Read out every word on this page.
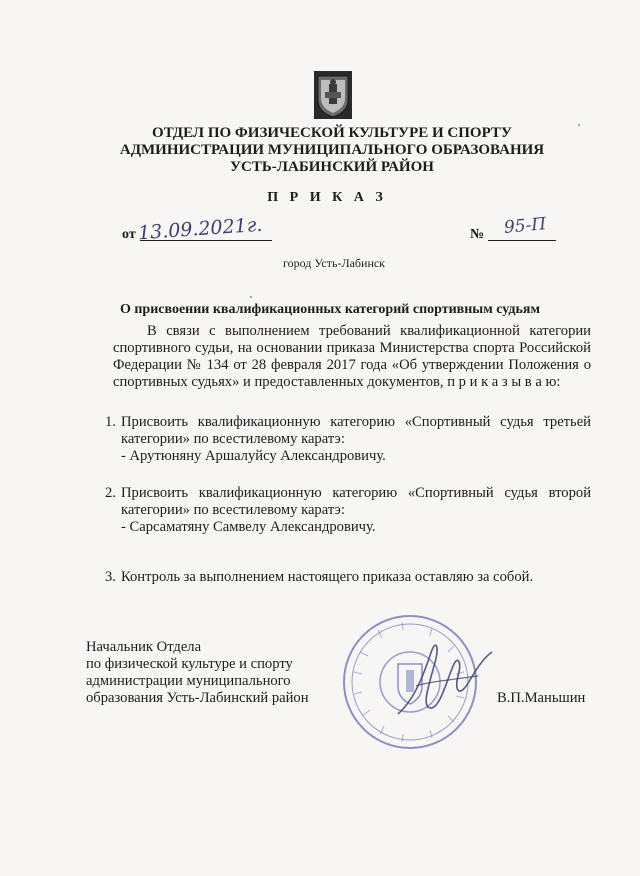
ОТДЕЛ ПО ФИЗИЧЕСКОЙ КУЛЬТУРЕ И СПОРТУ
АДМИНИСТРАЦИИ МУНИЦИПАЛЬНОГО ОБРАЗОВАНИЯ
УСТЬ-ЛАБИНСКИЙ РАЙОН
П Р И К А З
от 13.09.2021г.	№ 95-П
город Усть-Лабинск
О присвоении квалификационных категорий спортивным судьям
В связи с выполнением требований квалификационной категории спортивного судьи, на основании приказа Министерства спорта Российской Федерации № 134 от 28 февраля 2017 года «Об утверждении Положения о спортивных судьях» и предоставленных документов, п р и к а з ы в а ю:
1. Присвоить квалификационную категорию «Спортивный судья третьей категории» по всестилевому каратэ:
- Арутюняну Аршалуйсу Александровичу.
2. Присвоить квалификационную категорию «Спортивный судья второй категории» по всестилевому каратэ:
- Сарсаматяну Самвелу Александровичу.
3. Контроль за выполнением настоящего приказа оставляю за собой.
Начальник Отдела
по физической культуре и спорту
администрации муниципального
образования Усть-Лабинский район	В.П.Маньшин
